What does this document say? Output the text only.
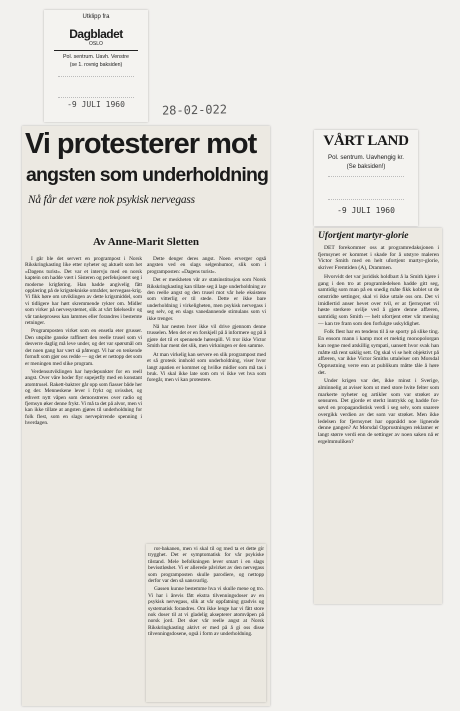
Utklipp fra
Dagbladet
OSLO
Pol. sentrum. Uavh. Venstre
(se 1. rovnig baksiden)
-9 JULI 1960	28-02-022
Vi protesterer mot
angsten som underholdning
Nå får det være nok psykisk nervegass
Av Anne-Marit Sletten

I går ble det servert en programpost i Norsk Rikskringkasting like etter nyheter og aktuelt som het «Dagens turist». Det var et intervju med en norsk kaptein om hadde vært i Sisteren og perfeksjonert seg i moderne krigføring. Han hadde angivelig fått opplæring på de krigstekniske områder, nervegass-krig. Vi fikk høre om utviklingen av dette krigsmiddel, som vi tidligere har hørt skremmende rykter om. Midler som virker på nervesystemet, slik at vårt følelsesliv og vår tankeprosess kan lammes eller forandres i bestemte retninger.

Programposten virket som en ensetla eter grusser. Den utspilte ganske raffinert den reelle trusel som vi desverre daglig må leve under, og det var spørsmål om det noen gang har vært så påtrengt. Vi har en tenkende fornuft som gjør oss redde — og det er nettopp det som er meningen med slike program.

Verdensutviklingen har høydepunkter for en reell angst. Over våre hoder flyr supejetfly med en konstant atomtrusel. Rakett-baktrer går opp som fiasser både her og der. Menneskene lever i frykt og uvisshet, og ethvert nytt våpen som demonstreres over radio og fjernsyn øker denne frykt. Vi må ta det på alvor, men vi kan ikke tillate at angsten gjøres til underholdning for folk flest, som en slags nervepirrende spenning i hverdagen.

Dette denger deres angst. Noen erverger også angsten ved en slags selgenhumor, slik som i programposten: «Dagens turist».

Det er meskheten vår av statsinstitusjon som Norsk Rikskringkasting kan tillate seg å lage underholdning av den reelle angst og den trusel mot vår hele eksistens som vitterlig er til stede. Dette er ikke bare underholdning i virkeligheten, men psykisk nervegass i seg selv, og en slags vanedannende stimulans som vi ikke trenger.

Nå har nesten hver ikke vil drive gjennom denne trusselen. Men det er en forskjell på å informere og på å gjøre det til et spennende hørespill. Vi tror ikke Victor Smith har ment det slik, men virkningen er den samme.

At man virkelig kan servere en slik programpost med et så grotesk innhold som underholdning, viser hvor langt apatien er kommet og hvilke midler som må tas i bruk. Vi skal ikke late som om vi ikke vet hva som foregår, men vi kan protestere.

ror-bakanen, men vi skal til og med ta et dette gir trygghet. Det er symptomatisk for vår psykiske tilstand. Mele befolkningen lever smart i en slags bevisstløshet. Vi er allerede påvirket av den nervegass som programposten skulle parodiere, og nettopp derfor var den så uansvarlig.

Gassen kunne bestemme hva vi skulle mene og tro. Vi har i årevis fått ekstra tilvenningsdoser av en psykisk nervegass, slik at vår oppfatning gradvis og systematisk forandres. Om ikke lenge har vi fått store nok doser til at vi gladelig aksepterer atomvåpen på norsk jord. Det sker vår reelle angst at Norsk Rikskringkasting aktivt er med på å gi oss disse tilvenningsdosene, også i form av underholdning.

VÅRT LAND
Pol. sentrum. Uavhengig kr.
(Se baksiden!)
-9 JULI 1960
Ufortjent martyr-glorie

DET forekommer oss at programredaksjonen i fjernsynet er kommet i skade for å utstyre maleren Victor Smith med en helt ufortjent martyr-glorie, skriver Fremtiden (A), Drammen.

Hvorvidt det var juridisk holdbart å la Smith kjøre i gang i den tro at programledelsen hadde gitt seg, samtidig som man på en snedig måte fikk koblet ut de omstridte settinger, skal vi ikke uttale oss om. Det vi imidlertid anser hevet over tvil, er at fjernsynet vil høste sterkere uvilje ved å gjøre denne affæren, samtidig som Smith — helt ufortjent etter vår mening — kan tre fram som den forfulgte uskyldighet.

Folk flest har en tendens til å se sporty på slike ting. En ensom mann i kamp mot et mektig monopolorgan kan regne med atskillig sympati, uansett hvor svak han måtte stå rent saklig sett. Og skal vi se helt objektivt på affæren, var ikke Victor Smiths uttalelser om Morsdal Opprustning verre enn at publikum måtte tåle å høre det.

Under krigen var det, ikke minst i Sverige, alminnelig at aviser kom ut med store hvite felter som markerte nyheter og artikler som var strøket av sensuren. Det gjorde et sterkt inntrykk og hadde for-søvd en propagandistisk verdi i seg selv, som snarere overgikk verdien av det som var strøket. Men ikke ledelsen for fjernsynet har oppnådd noe lignende denne gangen? At Morsdal Opprustningen reklamer er langt større verdi enn de settinger av noen saken nå er ergelmmuliken?
